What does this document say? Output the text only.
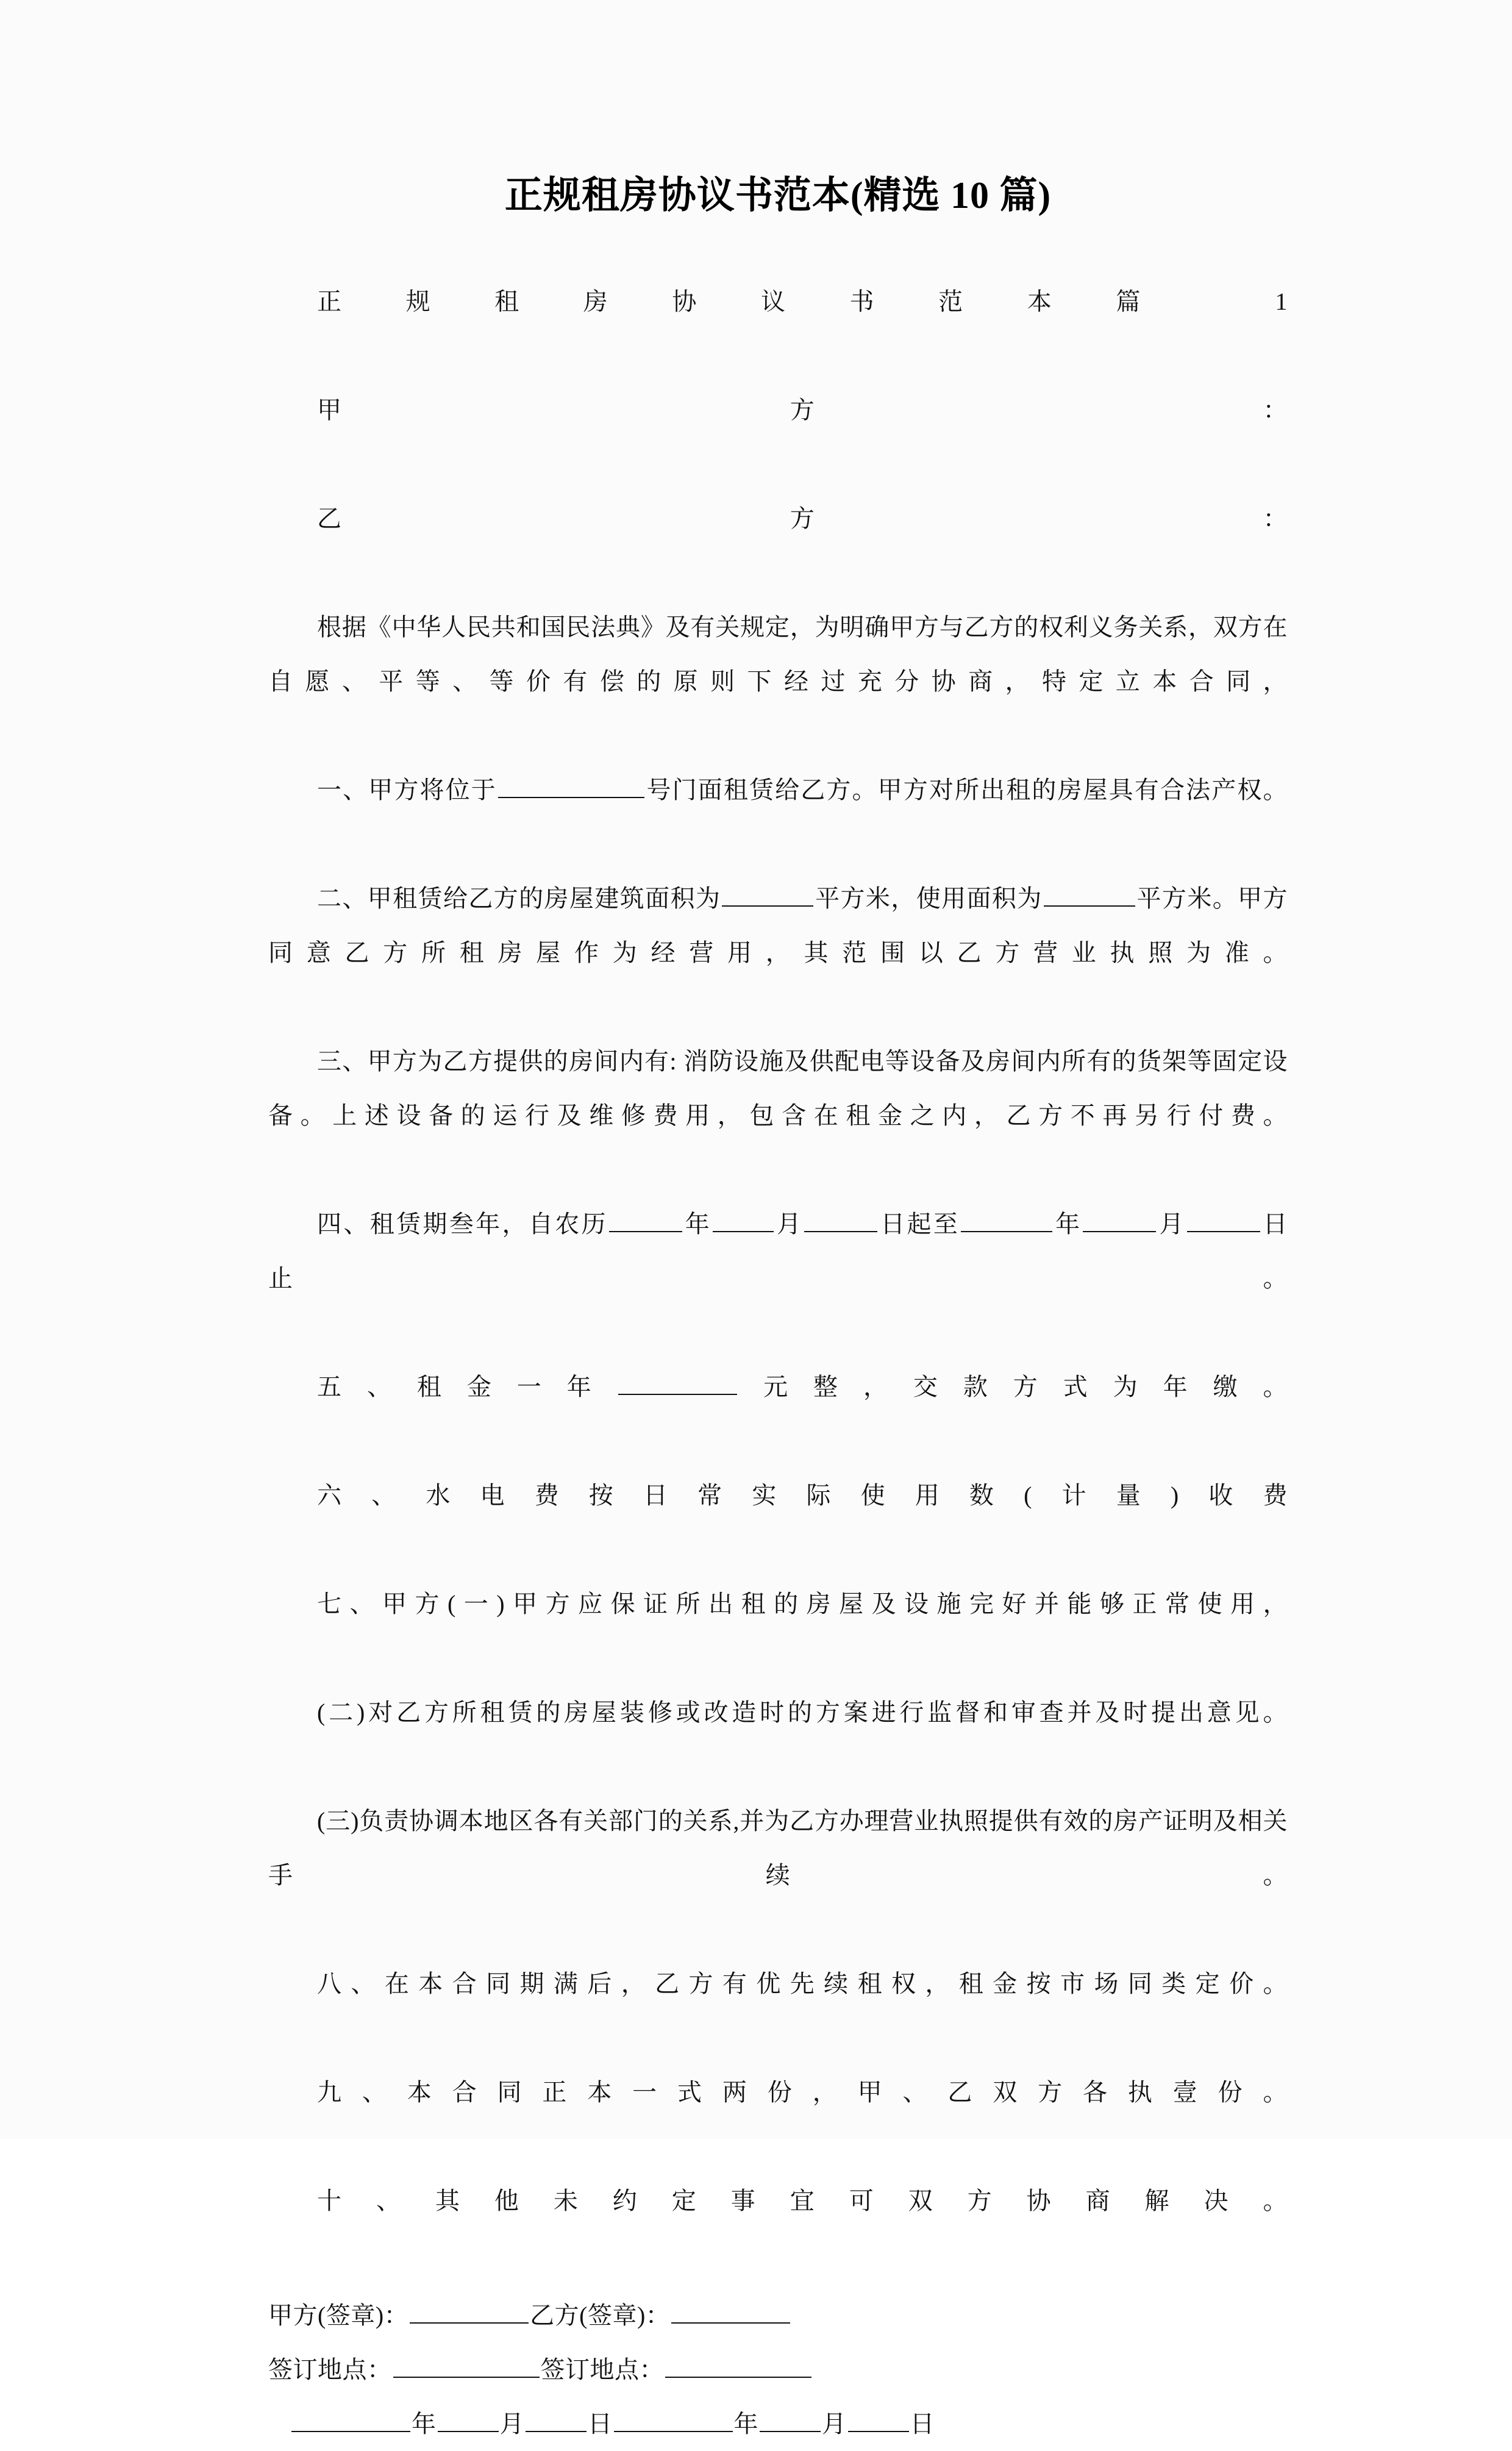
正规租房协议书范本(精选 10 篇)

正规租房协议书范本篇 1

甲方：

乙方：

根据《中华人民共和国民法典》及有关规定，为明确甲方与乙方的权利义务关系，双方在自愿、平等、等价有偿的原则下经过充分协商，特定立本合同，

一、甲方将位于	号门面租赁给乙方。甲方对所出租的房屋具有合法产权。

二、甲租赁给乙方的房屋建筑面积为	平方米，使用面积为	平方米。甲方同意乙方所租房屋作为经营用，其范围以乙方营业执照为准。

三、甲方为乙方提供的房间内有: 消防设施及供配电等设备及房间内所有的货架等固定设备。上述设备的运行及维修费用，包含在租金之内，乙方不再另行付费。

四、租赁期叁年，自农历	年	月	日起至	年	月	日止。

五、租金一年	元整，交款方式为年缴。

六、水电费按日常实际使用数(计量)收费

七、甲方(一)甲方应保证所出租的房屋及设施完好并能够正常使用，

(二)对乙方所租赁的房屋装修或改造时的方案进行监督和审查并及时提出意见。

(三)负责协调本地区各有关部门的关系,并为乙方办理营业执照提供有效的房产证明及相关手续。

八、在本合同期满后，乙方有优先续租权，租金按市场同类定价。

九、本合同正本一式两份，甲、乙双方各执壹份。

十、其他未约定事宜可双方协商解决。

甲方(签章)：	乙方(签章)：
签订地点：	签订地点：
年	月	日	年	月	日
